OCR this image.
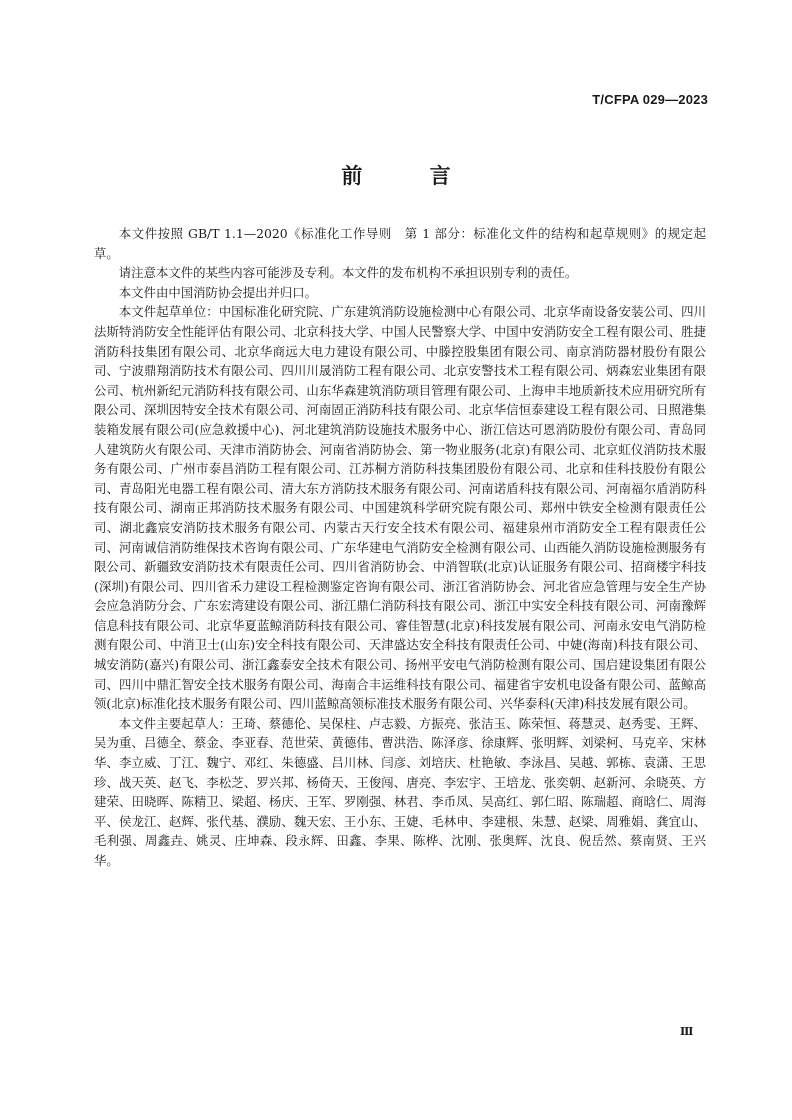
T/CFPA 029—2023
前 言

本文件按照 GB/T 1.1—2020《标准化工作导则　第 1 部分：标准化文件的结构和起草规则》的规定起草。

请注意本文件的某些内容可能涉及专利。本文件的发布机构不承担识别专利的责任。

本文件由中国消防协会提出并归口。

本文件起草单位：中国标准化研究院、广东建筑消防设施检测中心有限公司、北京华南设备安装公司、四川法斯特消防安全性能评估有限公司、北京科技大学、中国人民警察大学、中国中安消防安全工程有限公司、胜捷消防科技集团有限公司、北京华商远大电力建设有限公司、中滕控股集团有限公司、南京消防器材股份有限公司、宁波鼎翔消防技术有限公司、四川川晟消防工程有限公司、北京安警技术工程有限公司、炳森宏业集团有限公司、杭州新纪元消防科技有限公司、山东华森建筑消防项目管理有限公司、上海申丰地质新技术应用研究所有限公司、深圳因特安全技术有限公司、河南固正消防科技有限公司、北京华信恒泰建设工程有限公司、日照港集装箱发展有限公司(应急救援中心)、河北建筑消防设施技术服务中心、浙江信达可恩消防股份有限公司、青岛同人建筑防火有限公司、天津市消防协会、河南省消防协会、第一物业服务(北京)有限公司、北京虹仪消防技术服务有限公司、广州市泰昌消防工程有限公司、江苏桐方消防科技集团股份有限公司、北京和佳科技股份有限公司、青岛阳光电器工程有限公司、清大东方消防技术服务有限公司、河南诺盾科技有限公司、河南福尔盾消防科技有限公司、湖南正邦消防技术服务有限公司、中国建筑科学研究院有限公司、郑州中铁安全检测有限责任公司、湖北鑫宸安消防技术服务有限公司、内蒙古天行安全技术有限公司、福建泉州市消防安全工程有限责任公司、河南诚信消防维保技术咨询有限公司、广东华建电气消防安全检测有限公司、山西能久消防设施检测服务有限公司、新疆致安消防技术有限责任公司、四川省消防协会、中消智联(北京)认证服务有限公司、招商楼宇科技(深圳)有限公司、四川省禾力建设工程检测鉴定咨询有限公司、浙江省消防协会、河北省应急管理与安全生产协会应急消防分会、广东宏湾建设有限公司、浙江鼎仁消防科技有限公司、浙江中实安全科技有限公司、河南豫辉信息科技有限公司、北京华夏蓝鲸消防科技有限公司、睿佳智慧(北京)科技发展有限公司、河南永安电气消防检测有限公司、中消卫士(山东)安全科技有限公司、天津盛达安全科技有限责任公司、中婕(海南)科技有限公司、城安消防(嘉兴)有限公司、浙江鑫泰安全技术有限公司、扬州平安电气消防检测有限公司、国启建设集团有限公司、四川中鼎汇智安全技术服务有限公司、海南合丰运维科技有限公司、福建省宇安机电设备有限公司、蓝鲸高领(北京)标准化技术服务有限公司、四川蓝鲸高领标准技术服务有限公司、兴华泰科(天津)科技发展有限公司。

本文件主要起草人：王琦、蔡德伦、吴保柱、卢志毅、方振亮、张洁玉、陈荣恒、蒋慧灵、赵秀雯、王辉、吴为重、吕德全、蔡金、李亚春、范世荣、黄德伟、曹洪浩、陈泽彦、徐康辉、张明辉、刘梁柯、马克辛、宋林华、李立威、丁江、魏宁、邓红、朱德盛、吕川林、闫彦、刘培庆、杜艳敏、李泳昌、吴越、郭栋、袁潇、王思珍、战天英、赵飞、李松芝、罗兴邦、杨倚天、王俊闯、唐亮、李宏宇、王培龙、张奕朝、赵新河、余晓英、方建荣、田晓晖、陈精卫、梁超、杨庆、王军、罗刚强、林君、李币凤、吴高红、郭仁昭、陈瑞超、商晗仁、周海平、侯龙江、赵辉、张代基、濮励、魏天宏、王小东、王婕、毛林申、李建根、朱慧、赵梁、周雅娟、龚宜山、毛利强、周鑫垚、姚灵、庄坤森、段永辉、田鑫、李果、陈桦、沈刚、张奥辉、沈良、倪岳然、蔡南贤、王兴华。

Ⅲ
